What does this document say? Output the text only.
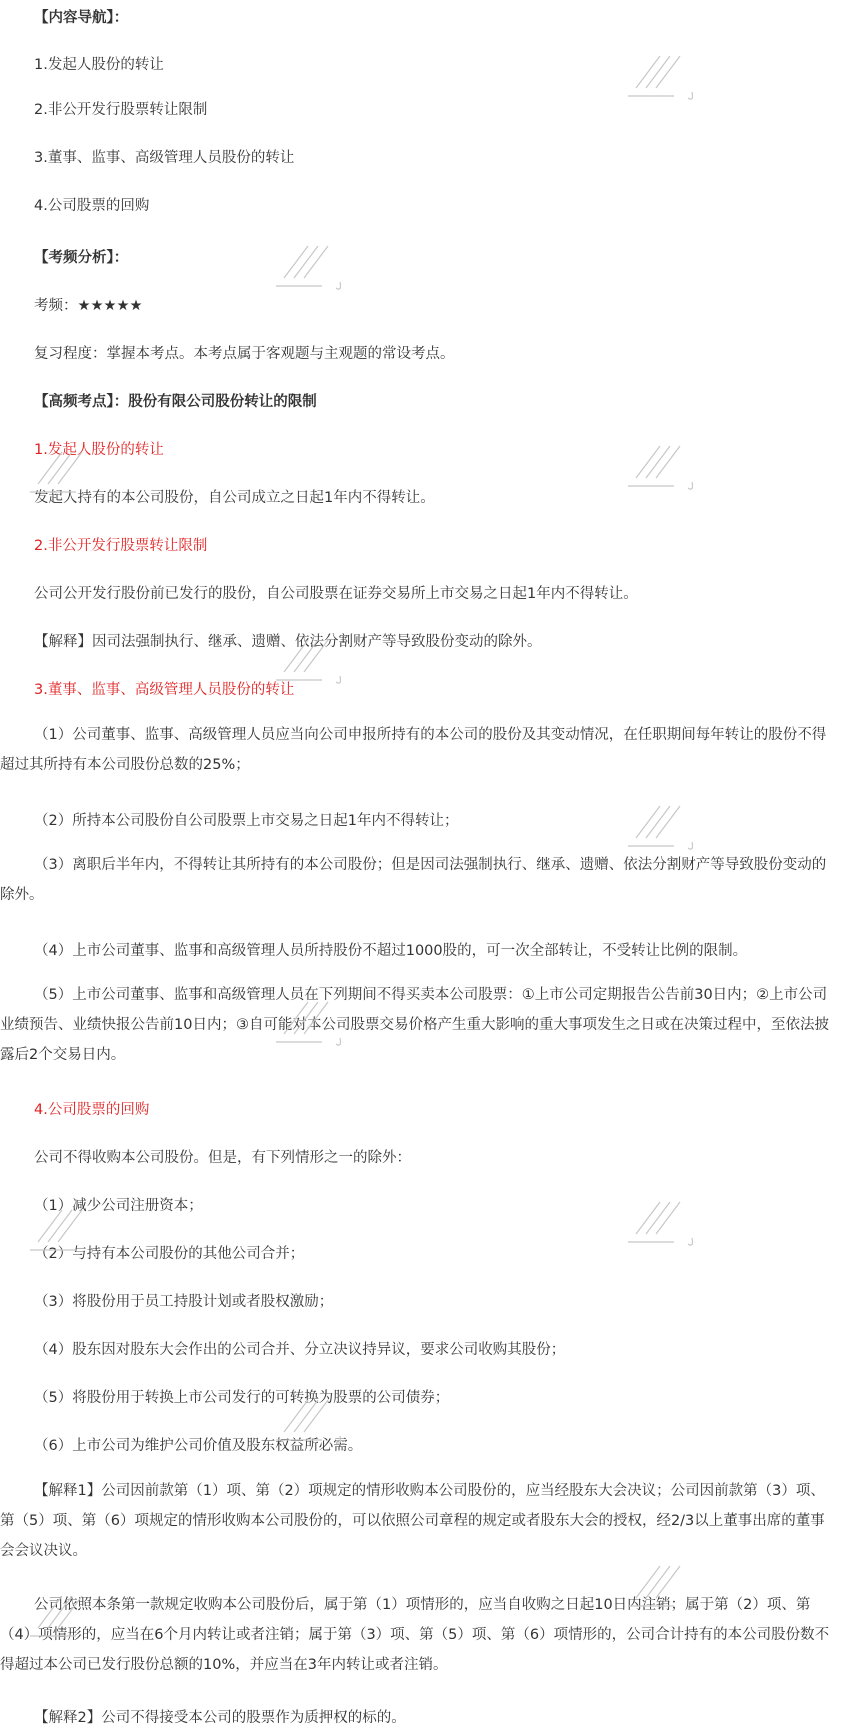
【内容导航】：
1.发起人股份的转让
2.非公开发行股票转让限制
3.董事、监事、高级管理人员股份的转让
4.公司股票的回购
【考频分析】：
考频：★★★★★
复习程度：掌握本考点。本考点属于客观题与主观题的常设考点。
【高频考点】：股份有限公司股份转让的限制
1.发起人股份的转让
发起人持有的本公司股份，自公司成立之日起1年内不得转让。
2.非公开发行股票转让限制
公司公开发行股份前已发行的股份，自公司股票在证券交易所上市交易之日起1年内不得转让。
【解释】因司法强制执行、继承、遗赠、依法分割财产等导致股份变动的除外。
3.董事、监事、高级管理人员股份的转让
（1）公司董事、监事、高级管理人员应当向公司申报所持有的本公司的股份及其变动情况，在任职期间每年转让的股份不得超过其所持有本公司股份总数的25%；
（2）所持本公司股份自公司股票上市交易之日起1年内不得转让；
（3）离职后半年内，不得转让其所持有的本公司股份；但是因司法强制执行、继承、遗赠、依法分割财产等导致股份变动的除外。
（4）上市公司董事、监事和高级管理人员所持股份不超过1000股的，可一次全部转让，不受转让比例的限制。
（5）上市公司董事、监事和高级管理人员在下列期间不得买卖本公司股票：①上市公司定期报告公告前30日内；②上市公司业绩预告、业绩快报公告前10日内；③自可能对本公司股票交易价格产生重大影响的重大事项发生之日或在决策过程中，至依法披露后2个交易日内。
4.公司股票的回购
公司不得收购本公司股份。但是，有下列情形之一的除外：
（1）减少公司注册资本；
（2）与持有本公司股份的其他公司合并；
（3）将股份用于员工持股计划或者股权激励；
（4）股东因对股东大会作出的公司合并、分立决议持异议，要求公司收购其股份；
（5）将股份用于转换上市公司发行的可转换为股票的公司债券；
（6）上市公司为维护公司价值及股东权益所必需。
【解释1】公司因前款第（1）项、第（2）项规定的情形收购本公司股份的，应当经股东大会决议；公司因前款第（3）项、第（5）项、第（6）项规定的情形收购本公司股份的，可以依照公司章程的规定或者股东大会的授权，经2/3以上董事出席的董事会会议决议。
公司依照本条第一款规定收购本公司股份后，属于第（1）项情形的，应当自收购之日起10日内注销；属于第（2）项、第（4）项情形的，应当在6个月内转让或者注销；属于第（3）项、第（5）项、第（6）项情形的，公司合计持有的本公司股份数不得超过本公司已发行股份总额的10%，并应当在3年内转让或者注销。
【解释2】公司不得接受本公司的股票作为质押权的标的。
